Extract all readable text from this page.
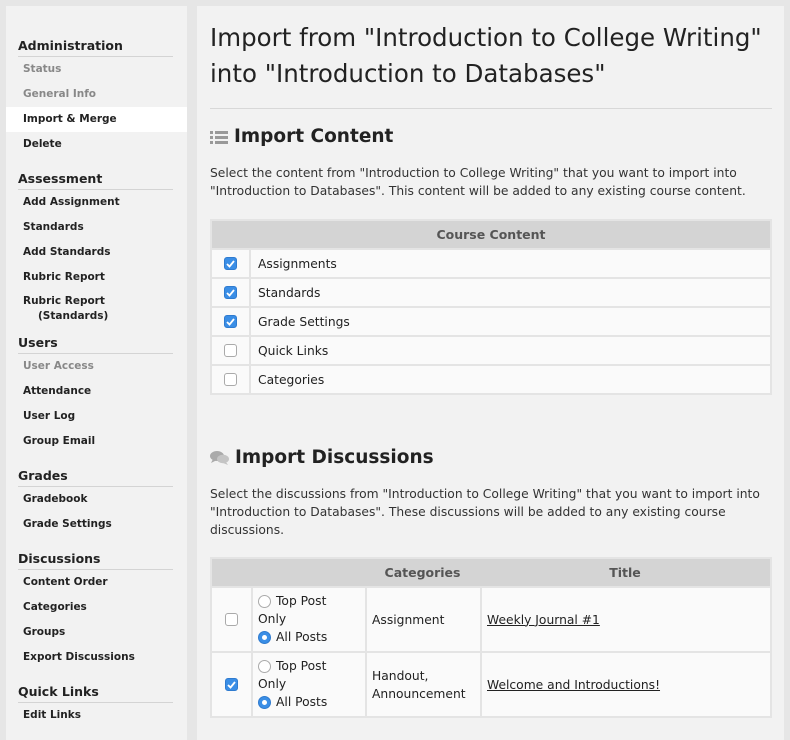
Administration
Status
General Info
Import & Merge
Delete
Assessment
Add Assignment
Standards
Add Standards
Rubric Report
Rubric Report
(Standards)
Users
User Access
Attendance
User Log
Group Email
Grades
Gradebook
Grade Settings
Discussions
Content Order
Categories
Groups
Export Discussions
Quick Links
Edit Links
Import from "Introduction to College Writing"
into "Introduction to Databases"
Import Content

Select the content from "Introduction to College Writing" that you want to import into "Introduction to Databases". This content will be added to any existing course content.

Course Content
Assignments
Standards
Grade Settings
Quick Links
Categories
Import Discussions

Select the discussions from "Introduction to College Writing" that you want to import into "Introduction to Databases". These discussions will be added to any existing course discussions.

Categories	Title
Top Post
Only
All Posts
Assignment	Weekly Journal #1
Top Post
Only
All Posts
Handout,
Announcement
Welcome and Introductions!
